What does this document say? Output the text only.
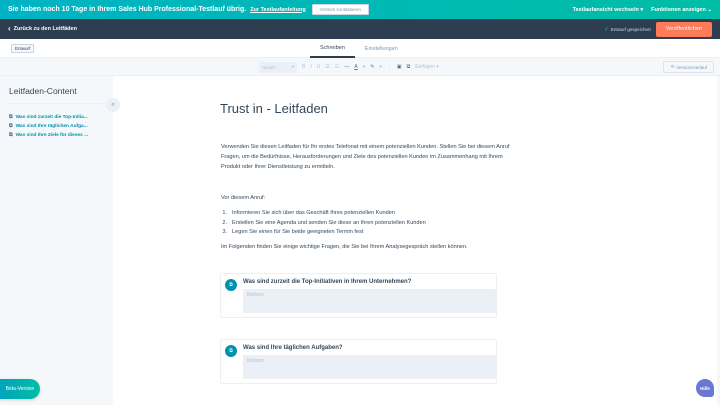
Sie haben noch 10 Tage in Ihrem Sales Hub Professional-Testlauf übrig. Zur Testlaufanleitung	Vertrieb kontaktieren	Testlaufansicht wechseln ▾ Funktionen anzeigen ⌄
‹ Zurück zu den Leitfäden	✓ Entwurf gespeichert	Veröffentlichen
Entwurf	Schreiben	Einstellungen
Absatz	▾ B I U ☰ ☷ — A ▾ ✎ ▾ ⋮ ▣ ⧉ Einfügen ▾	⟲ Versionsverlauf
Leitfaden-Content
«
⧉ Was sind zurzeit die Top-Initia...
⧉ Was sind Ihre täglichen Aufga...
⧉ Was sind Ihre Ziele für dieses ...
Trust in - Leitfaden

Verwenden Sie diesen Leitfaden für Ihr erstes Telefonat mit einem potenziellen Kunden. Stellen Sie bei diesem Anruf Fragen, um die Bedürfnisse, Herausforderungen und Ziele des potenziellen Kunden im Zusammenhang mit Ihrem Produkt oder Ihrer Dienstleistung zu ermitteln.

Vor diesem Anruf:

1. Informieren Sie sich über das Geschäft Ihres potenziellen Kunden
2. Erstellen Sie eine Agenda und senden Sie diese an Ihren potenziellen Kunden
3. Legen Sie einen für Sie beide geeigneten Termin fest

Im Folgenden finden Sie einige wichtige Fragen, die Sie bei Ihrem Analysegespräch stellen können.

⧉	Was sind zurzeit die Top-Initiativen in Ihrem Unternehmen?
Notizen
⧉	Was sind Ihre täglichen Aufgaben?
Notizen
Beta-Version	Hilfe
